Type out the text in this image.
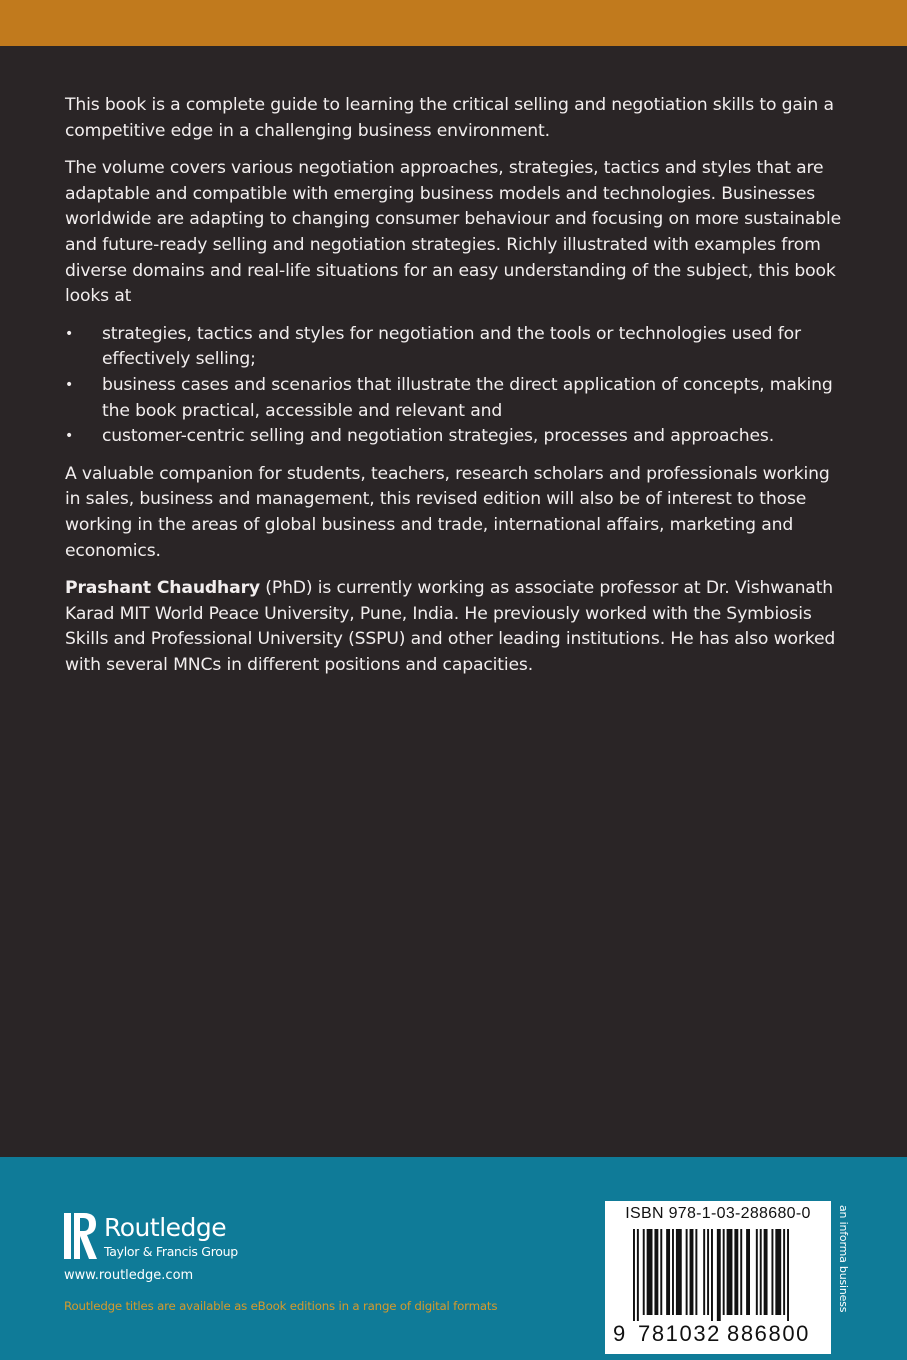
This book is a complete guide to learning the critical selling and negotiation skills to gain a competitive edge in a challenging business environment.

The volume covers various negotiation approaches, strategies, tactics and styles that are adaptable and compatible with emerging business models and technologies. Businesses worldwide are adapting to changing consumer behaviour and focusing on more sustainable and future-ready selling and negotiation strategies. Richly illustrated with examples from diverse domains and real-life situations for an easy understanding of the subject, this book looks at

• strategies, tactics and styles for negotiation and the tools or technologies used for effectively selling;
• business cases and scenarios that illustrate the direct application of concepts, making the book practical, accessible and relevant and
• customer-centric selling and negotiation strategies, processes and approaches.

A valuable companion for students, teachers, research scholars and professionals working in sales, business and management, this revised edition will also be of interest to those working in the areas of global business and trade, international affairs, marketing and economics.

Prashant Chaudhary (PhD) is currently working as associate professor at Dr. Vishwanath Karad MIT World Peace University, Pune, India. He previously worked with the Symbiosis Skills and Professional University (SSPU) and other leading institutions. He has also worked with several MNCs in different positions and capacities.

Routledge
Taylor & Francis Group
www.routledge.com
Routledge titles are available as eBook editions in a range of digital formats
ISBN 978-1-03-288680-0
9 781032 886800
an informa business
